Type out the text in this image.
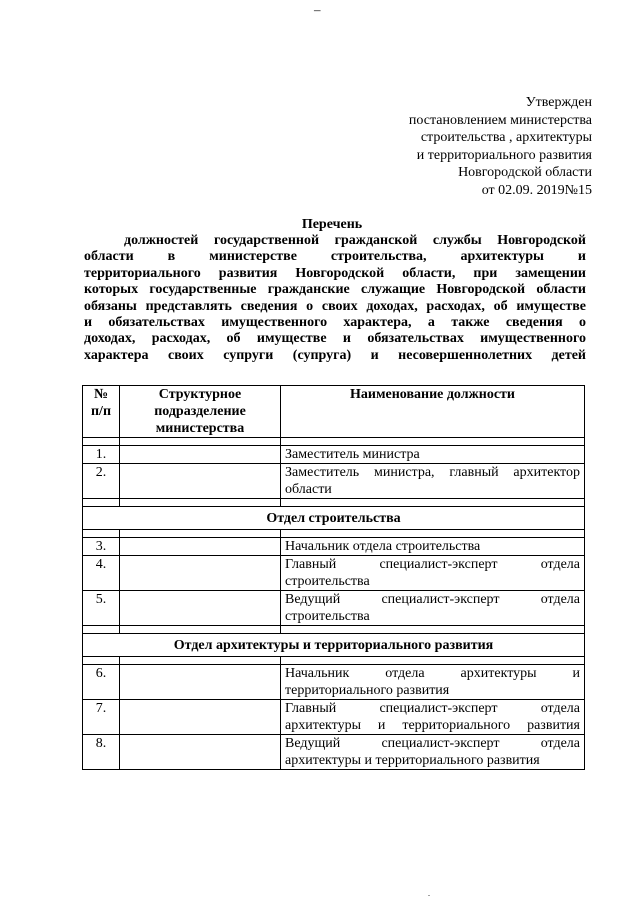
–
Утвержден
постановлением министерства
строительства , архитектуры
и территориального развития
Новгородской области
от 02.09. 2019№15
Перечень
должностей государственной гражданской службы Новгородской
области в министерстве строительства, архитектуры и
территориального развития Новгородской области, при замещении
которых государственные гражданские служащие Новгородской области
обязаны представлять сведения о своих доходах, расходах, об имуществе
и обязательствах имущественного характера, а также сведения о
доходах, расходах, об имуществе и обязательствах имущественного
характера своих супруги (супруга) и несовершеннолетних детей
№ п/п	Структурное подразделение министерства	Наименование должности

1.		Заместитель министра

2.		Заместитель министра, главный архитектор области

Отдел строительства		

3.		Начальник отдела строительства

4.		Главный специалист-эксперт отдела строительства
5.		Ведущий специалист-эксперт отдела строительства

Отдел архитектуры и территориального развития		

6.		Начальник отдела архитектуры и территориального развития
7.		Главный специалист-эксперт отдела архитектуры и территориального развития
8.		Ведущий специалист-эксперт отдела архитектуры и территориального развития
.
